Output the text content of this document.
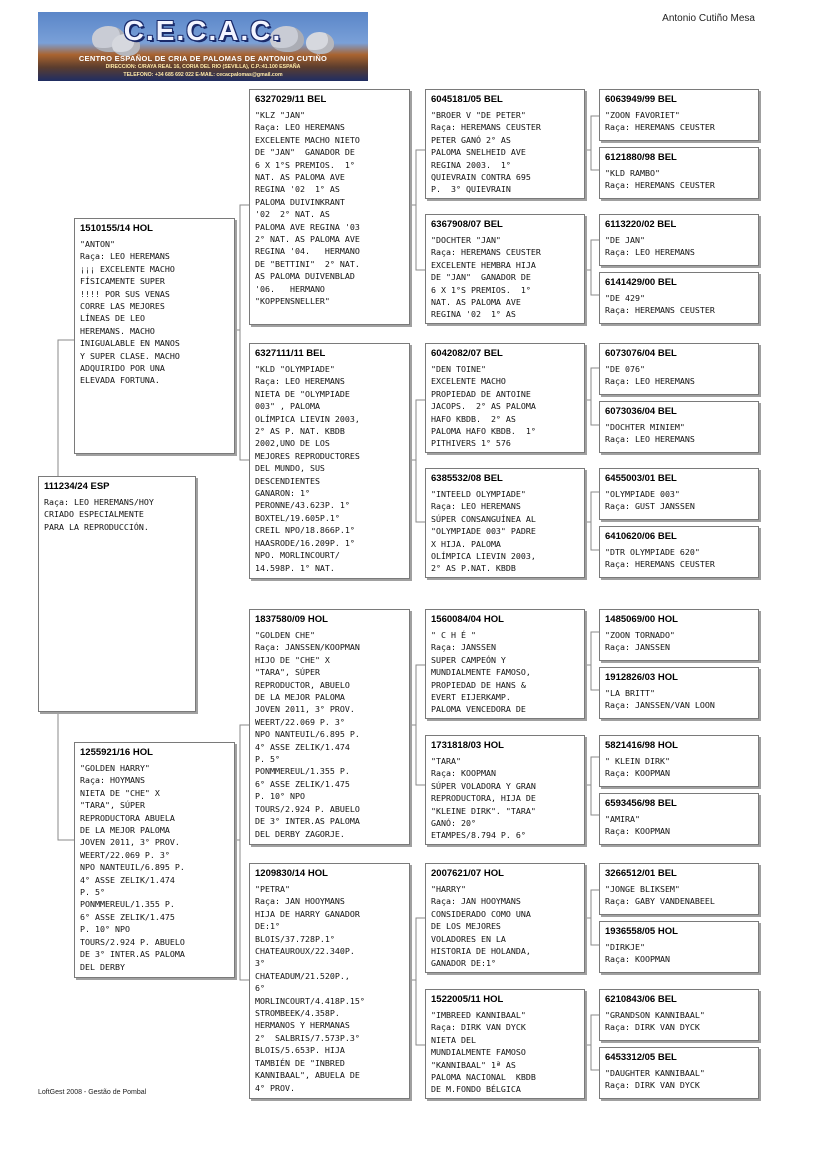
C.E.C.A.C.
CENTRO ESPAÑOL DE CRIA DE PALOMAS DE ANTONIO CUTIÑO
DIRECCION: C/RAYA REAL 16, CORIA DEL RIO (SEVILLA), C.P.:41.100 ESPAÑA
TELEFONO: +34 685 692 022 E-MAIL: cecacpalomas@gmail.com
Antonio Cutiño Mesa
111234/24 ESP
Raça: LEO HEREMANS/HOY
CRIADO ESPECIALMENTE
PARA LA REPRODUCCIÓN.
1510155/14 HOL
"ANTON"
Raça: LEO HEREMANS
¡¡¡ EXCELENTE MACHO
FÍSICAMENTE SUPER
!!!! POR SUS VENAS
CORRE LAS MEJORES
LÍNEAS DE LEO
HEREMANS. MACHO
INIGUALABLE EN MANOS
Y SUPER CLASE. MACHO
ADQUIRIDO POR UNA
ELEVADA FORTUNA.
1255921/16 HOL
"GOLDEN HARRY"
Raça: HOYMANS
NIETA DE "CHE" X
"TARA", SÚPER
REPRODUCTORA ABUELA
DE LA MEJOR PALOMA
JOVEN 2011, 3° PROV.
WEERT/22.069 P. 3°
NPO NANTEUIL/6.895 P.
4° ASSE ZELIK/1.474
P. 5°
PONMMEREUL/1.355 P.
6° ASSE ZELIK/1.475
P. 10° NPO
TOURS/2.924 P. ABUELO
DE 3° INTER.AS PALOMA
DEL DERBY
6327029/11 BEL
"KLZ "JAN"
Raça: LEO HEREMANS
EXCELENTE MACHO NIETO
DE "JAN"  GANADOR DE
6 X 1°S PREMIOS.  1°
NAT. AS PALOMA AVE
REGINA '02  1° AS
PALOMA DUIVINKRANT
'02  2° NAT. AS
PALOMA AVE REGINA '03
2° NAT. AS PALOMA AVE
REGINA '04.   HERMANO
DE "BETTINI"  2° NAT.
AS PALOMA DUIVENBLAD
'06.   HERMANO
"KOPPENSNELLER"
6327111/11 BEL
"KLD "OLYMPIADE"
Raça: LEO HEREMANS
NIETA DE "OLYMPIADE
003" , PALOMA
OLÍMPICA LIEVIN 2003,
2° AS P. NAT. KBDB
2002,UNO DE LOS
MEJORES REPRODUCTORES
DEL MUNDO, SUS
DESCENDIENTES
GANARON: 1°
PERONNE/43.623P. 1°
BOXTEL/19.605P.1°
CREIL NPO/18.866P.1°
HAASRODE/16.209P. 1°
NPO. MORLINCOURT/
14.598P. 1° NAT.
1837580/09 HOL
"GOLDEN CHE"
Raça: JANSSEN/KOOPMAN
HIJO DE "CHE" X
"TARA", SÚPER
REPRODUCTOR, ABUELO
DE LA MEJOR PALOMA
JOVEN 2011, 3° PROV.
WEERT/22.069 P. 3°
NPO NANTEUIL/6.895 P.
4° ASSE ZELIK/1.474
P. 5°
PONMMEREUL/1.355 P.
6° ASSE ZELIK/1.475
P. 10° NPO
TOURS/2.924 P. ABUELO
DE 3° INTER.AS PALOMA
DEL DERBY ZAGORJE.
1209830/14 HOL
"PETRA"
Raça: JAN HOOYMANS
HIJA DE HARRY GANADOR
DE:1°
BLOIS/37.728P.1°
CHATEAUROUX/22.340P.
3°
CHATEADUM/21.520P.,
6°
MORLINCOURT/4.418P.15°
STROMBEEK/4.358P.
HERMANOS Y HERMANAS
2°  SALBRIS/7.573P.3°
BLOIS/5.653P. HIJA
TAMBIÉN DE "INBRED
KANNIBAAL", ABUELA DE
4° PROV.
6045181/05 BEL
"BROER V "DE PETER"
Raça: HEREMANS CEUSTER
PETER GANÓ 2° AS
PALOMA SNELHEID AVE
REGINA 2003.  1°
QUIEVRAIN CONTRA 695
P.  3° QUIEVRAIN
6367908/07 BEL
"DOCHTER "JAN"
Raça: HEREMANS CEUSTER
EXCELENTE HEMBRA HIJA
DE "JAN"  GANADOR DE
6 X 1°S PREMIOS.  1°
NAT. AS PALOMA AVE
REGINA '02  1° AS
6042082/07 BEL
"DEN TOINE"
EXCELENTE MACHO
PROPIEDAD DE ANTOINE
JACOPS.  2° AS PALOMA
HAFO KBDB.  2° AS
PALOMA HAFO KBDB.  1°
PITHIVERS 1° 576
6385532/08 BEL
"INTEELD OLYMPIADE"
Raça: LEO HEREMANS
SÚPER CONSANGUÍNEA AL
"OLYMPIADE 003" PADRE
X HIJA. PALOMA
OLÍMPICA LIEVIN 2003,
2° AS P.NAT. KBDB
1560084/04 HOL
" C H É "
Raça: JANSSEN
SUPER CAMPEÓN Y
MUNDIALMENTE FAMOSO,
PROPIEDAD DE HANS &
EVERT EIJERKAMP.
PALOMA VENCEDORA DE
1731818/03 HOL
"TARA"
Raça: KOOPMAN
SÚPER VOLADORA Y GRAN
REPRODUCTORA, HIJA DE
"KLEINE DIRK". "TARA"
GANÓ: 20°
ETAMPES/8.794 P. 6°
2007621/07 HOL
"HARRY"
Raça: JAN HOOYMANS
CONSIDERADO COMO UNA
DE LOS MEJORES
VOLADORES EN LA
HISTORIA DE HOLANDA,
GANADOR DE:1°
1522005/11 HOL
"IMBREED KANNIBAAL"
Raça: DIRK VAN DYCK
NIETA DEL
MUNDIALMENTE FAMOSO
"KANNIBAAL" 1ª AS
PALOMA NACIONAL  KBDB
DE M.FONDO BÉLGICA
6063949/99 BEL
"ZOON FAVORIET"
Raça: HEREMANS CEUSTER
6121880/98 BEL
"KLD RAMBO"
Raça: HEREMANS CEUSTER
6113220/02 BEL
"DE JAN"
Raça: LEO HEREMANS
6141429/00 BEL
"DE 429"
Raça: HEREMANS CEUSTER
6073076/04 BEL
"DE 076"
Raça: LEO HEREMANS
6073036/04 BEL
"DOCHTER MINIEM"
Raça: LEO HEREMANS
6455003/01 BEL
"OLYMPIADE 003"
Raça: GUST JANSSEN
6410620/06 BEL
"DTR OLYMPIADE 620"
Raça: HEREMANS CEUSTER
1485069/00 HOL
"ZOON TORNADO"
Raça: JANSSEN
1912826/03 HOL
"LA BRITT"
Raça: JANSSEN/VAN LOON
5821416/98 HOL
" KLEIN DIRK"
Raça: KOOPMAN
6593456/98 BEL
"AMIRA"
Raça: KOOPMAN
3266512/01 BEL
"JONGE BLIKSEM"
Raça: GABY VANDENABEEL
1936558/05 HOL
"DIRKJE"
Raça: KOOPMAN
6210843/06 BEL
"GRANDSON KANNIBAAL"
Raça: DIRK VAN DYCK
6453312/05 BEL
"DAUGHTER KANNIBAAL"
Raça: DIRK VAN DYCK
LoftGest 2008 - Gestão de Pombal
